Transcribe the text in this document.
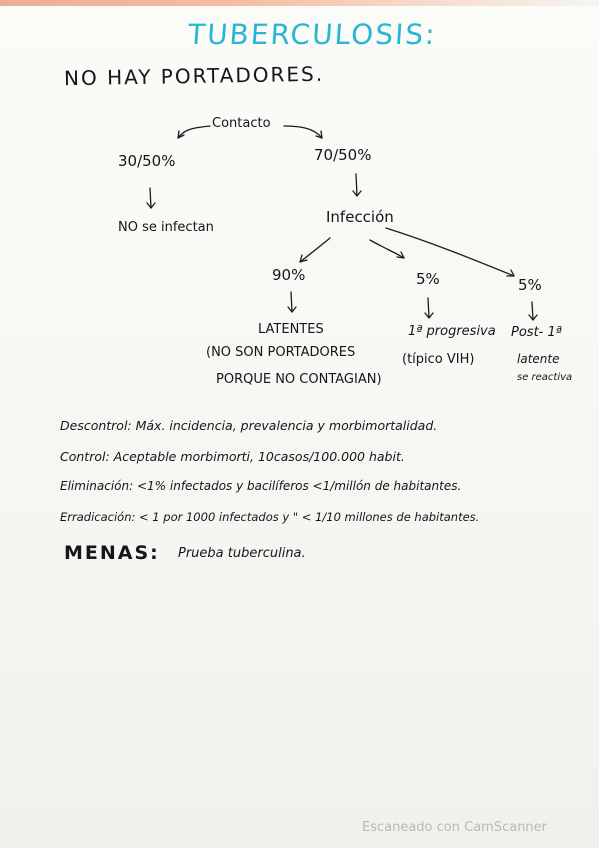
TUBERCULOSIS:
NO HAY PORTADORES.
Contacto
30/50%
NO se infectan
70/50%
Infección
90%
LATENTES
(NO SON PORTADORES
PORQUE NO CONTAGIAN)
5%
1ª progresiva
(típico VIH)
5%
Post- 1ª
latente
se reactiva
Descontrol: Máx. incidencia, prevalencia y morbimortalidad.
Control: Aceptable morbimorti, 10casos/100.000 habit.
Eliminación: <1% infectados y bacilíferos <1/millón de habitantes.
Erradicación: < 1 por 1000 infectados y " < 1/10 millones de habitantes.
MENAS: Prueba tuberculina.
Escaneado con CamScanner
